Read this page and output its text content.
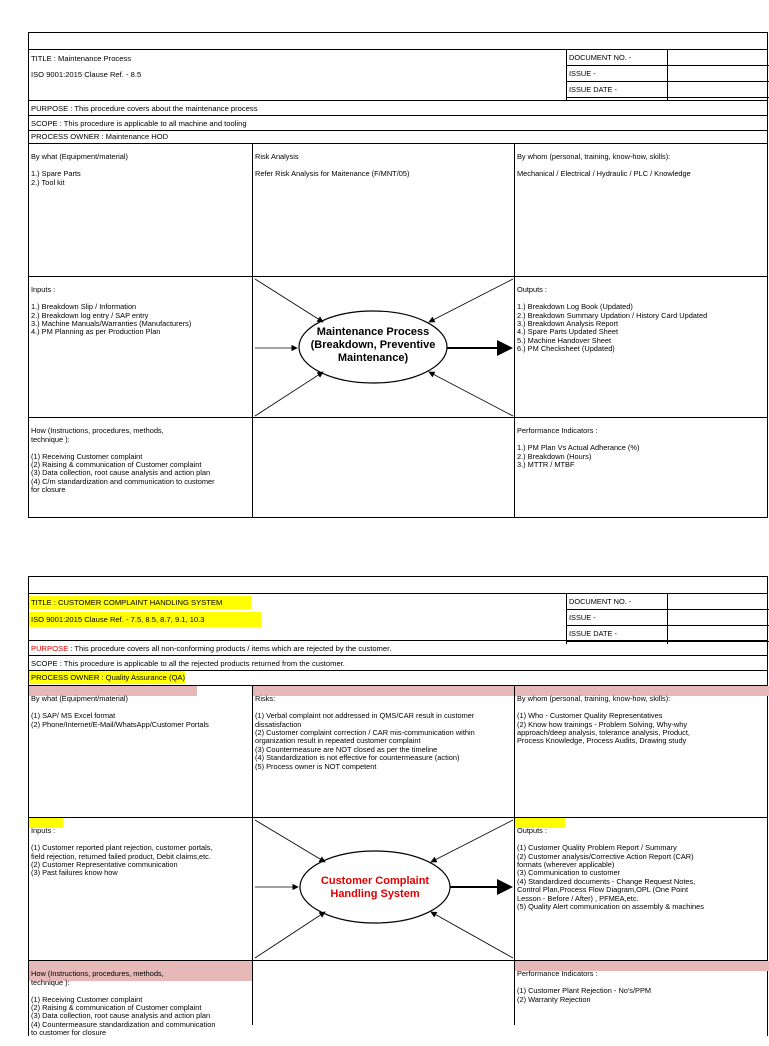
TITLE : Maintenance Process
ISO 9001:2015 Clause Ref. - 8.5
DOCUMENT NO. -
ISSUE -
ISSUE DATE -
PURPOSE : This procedure covers about the maintenance process
SCOPE : This procedure is applicable to all machine and tooling
PROCESS OWNER : Maintenance HOD

By what (Equipment/material)

1.) Spare Parts
2.) Tool kit

Risk Analysis

Refer Risk Analysis for Maitenance (F/MNT/05)

By whom (personal, training, know-how, skills):

Mechanical / Electrical / Hydraulic / PLC / Knowledge

Inputs :

1.) Breakdown Slip / Information
2.) Breakdown log entry / SAP entry
3.) Machine Manuals/Warranties (Manufacturers)
4.) PM Planning as per Production Plan

Outputs :

1.) Breakdown Log Book (Updated)
2.) Breakdown Summary Updation / History Card Updated
3.) Breakdown Analysis Report
4.) Spare Parts Updated Sheet
5.) Machine Handover Sheet
6.) PM Checksheet (Updated)

How (Instructions, procedures, methods,
technique ):

(1) Receiving Customer complaint
(2) Raising & communication of Customer complaint
(3) Data collection, root cause analysis and action plan
(4) C/m standardization and communication to customer
for closure

Performance Indicators :

1.) PM Plan Vs Actual Adherance (%)
2.) Breakdown (Hours)
3.) MTTR / MTBF

Maintenance Process
(Breakdown, Preventive
Maintenance)
TITLE : CUSTOMER COMPLAINT HANDLING SYSTEM
ISO 9001:2015 Clause Ref. - 7.5, 8.5, 8.7, 9.1, 10.3
DOCUMENT NO. -
ISSUE -
ISSUE DATE -
PURPOSE : This procedure covers all non-conforming products / items which are rejected by the customer.
SCOPE : This procedure is applicable to all the rejected products returned from the customer.
PROCESS OWNER : Quality Assurance (QA)

By what (Equipment/material)

(1) SAP/ MS Excel format
(2) Phone/Internet/E-Mail/WhatsApp/Customer Portals

Risks:

(1) Verbal complaint not addressed in QMS/CAR result in customer
dissatisfaction
(2) Customer complaint correction / CAR mis-communication within
organization result in repeated customer complaint
(3) Countermeasure are NOT closed as per the timeline
(4) Standardization is not effective for countermeasure (action)
(5) Process owner is NOT competent

By whom (personal, training, know-how, skills):

(1) Who - Customer Quality Representatives
(2) Know how trainings - Problem Solving, Why-why
approach/deep analysis, tolerance analysis, Product,
Process Knowledge, Process Audits, Drawing study

Inputs :

(1) Customer reported plant rejection, customer portals,
field rejection, returned failed product, Debit claims,etc.
(2) Customer Representative communication
(3) Past failures know how

Outputs :

(1) Customer Quality Problem Report / Summary
(2) Customer analysis/Corrective Action Report (CAR)
formats (wherever applicable)
(3) Communication to customer
(4) Standardized documents - Change Request Notes,
Control Plan,Process Flow Diagram,OPL (One Point
Lesson - Before / After) , PFMEA,etc.
(5) Quality Alert communication on assembly & machines

How (Instructions, procedures, methods,
technique ):

(1) Receiving Customer complaint
(2) Raising & communication of Customer complaint
(3) Data collection, root cause analysis and action plan
(4) Countermeasure standardization and communication
to customer for closure

Performance Indicators :

(1) Customer Plant Rejection - No's/PPM
(2) Warranty Rejection

Customer Complaint
Handling System
